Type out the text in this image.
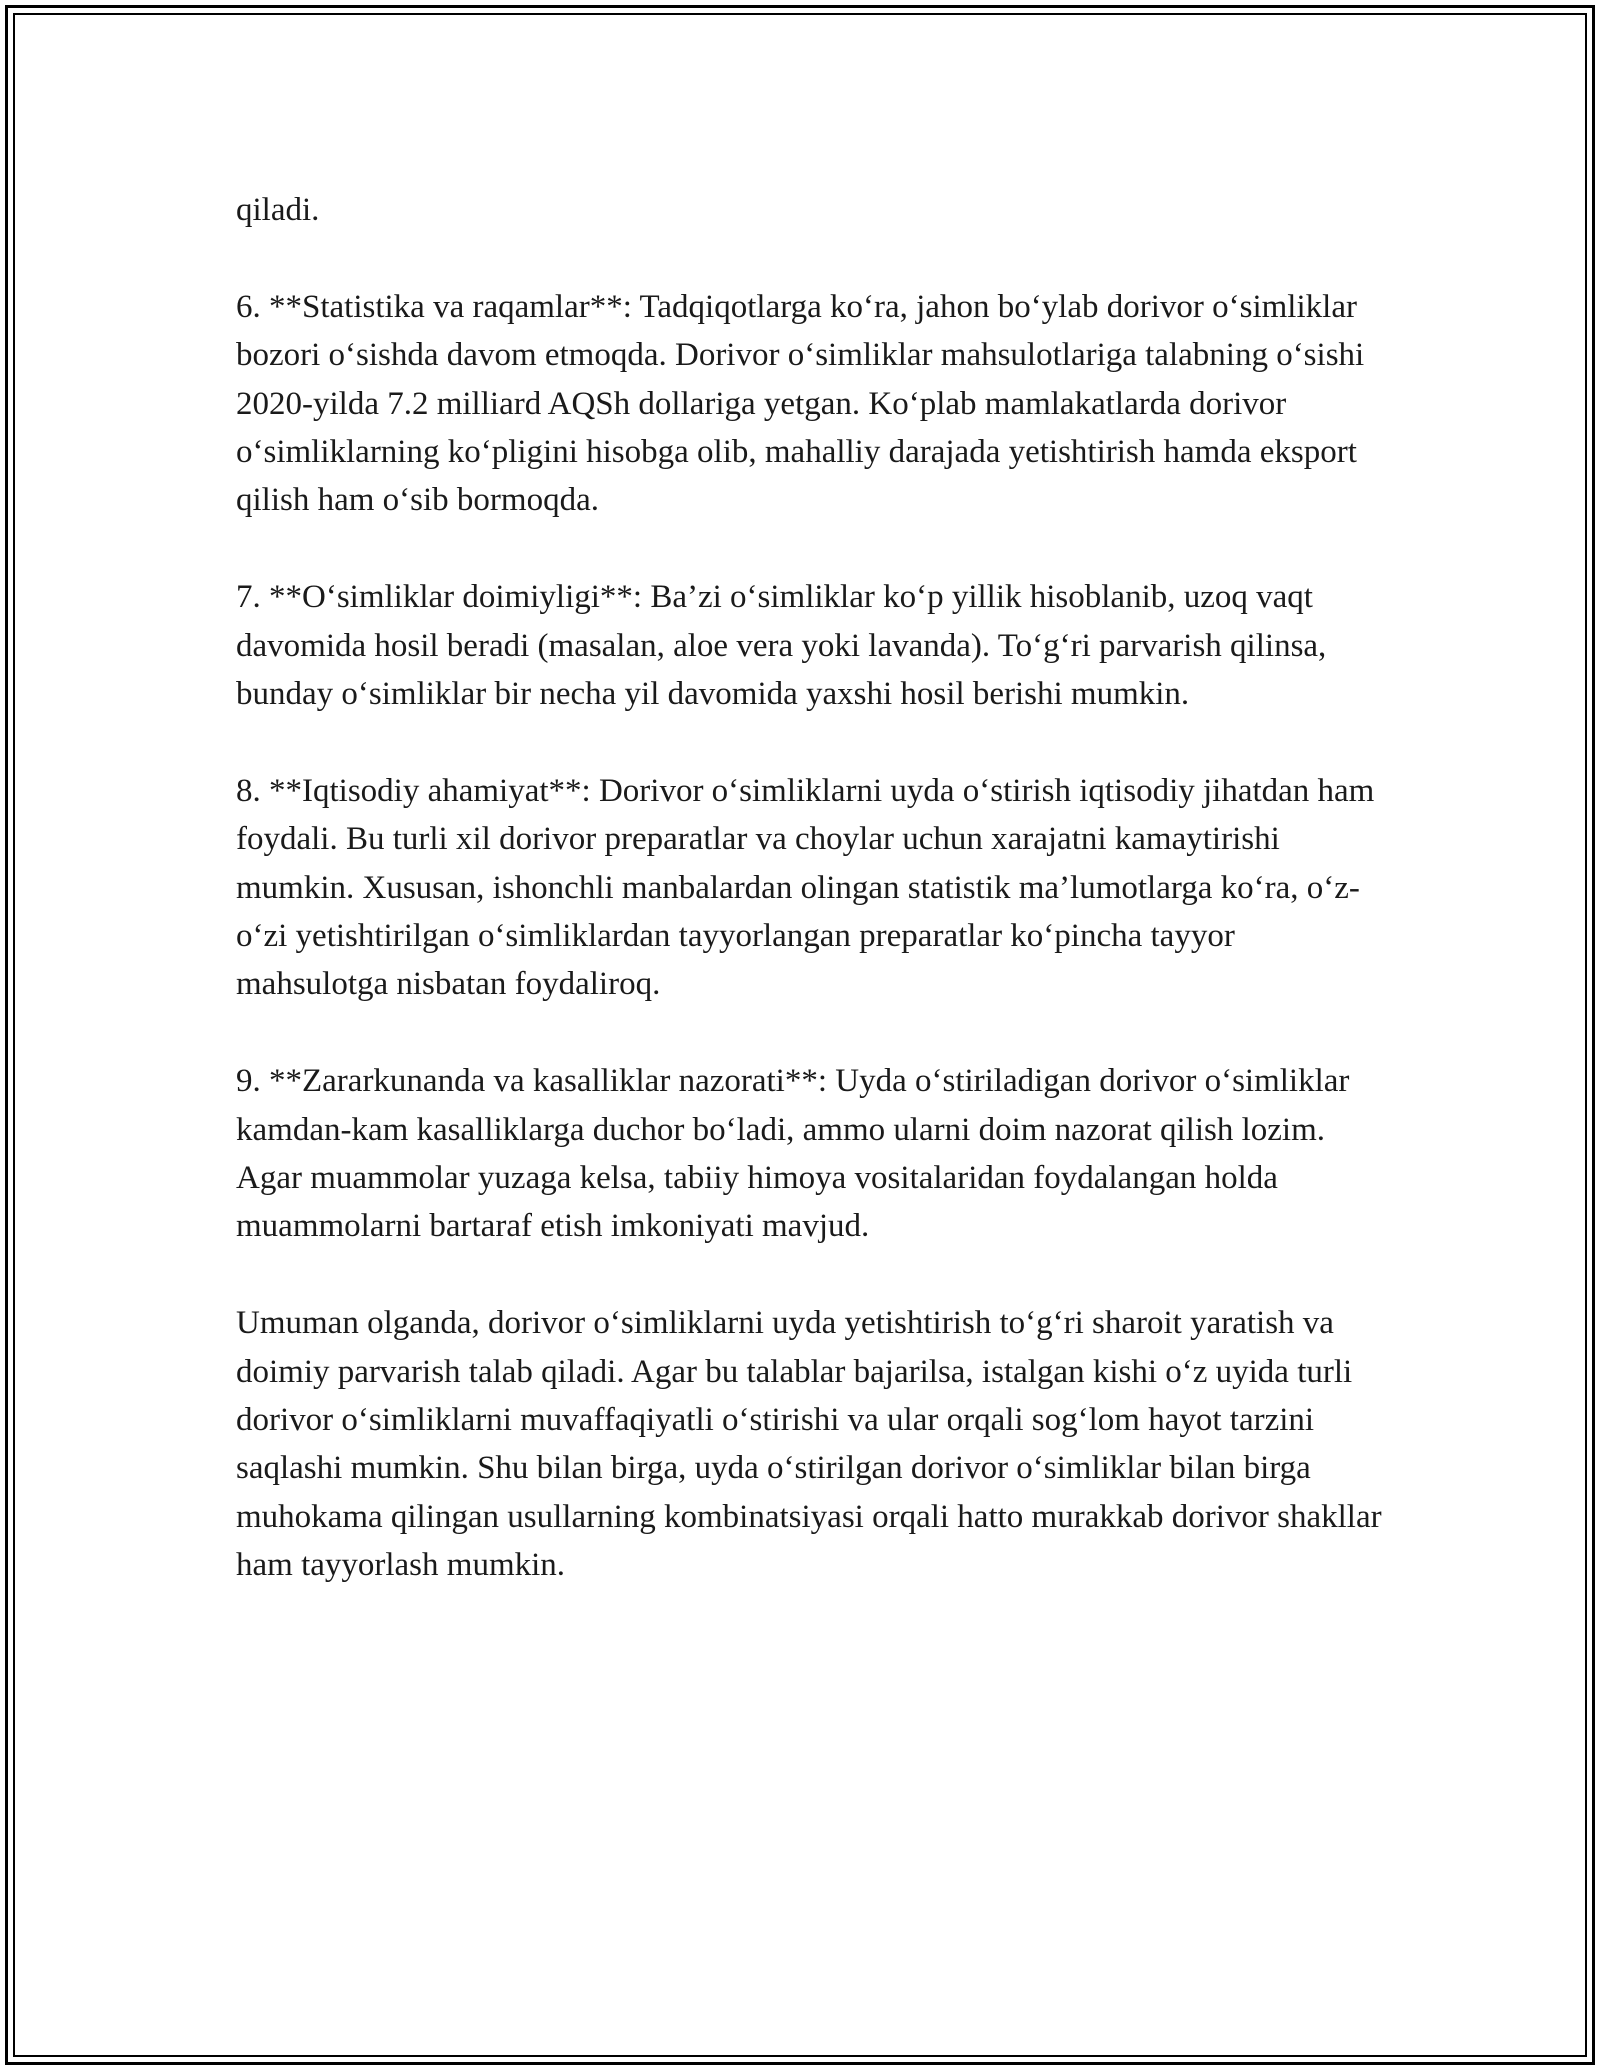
qiladi.

6. **Statistika va raqamlar**: Tadqiqotlarga ko‘ra, jahon bo‘ylab dorivor o‘simliklar bozori o‘sishda davom etmoqda. Dorivor o‘simliklar mahsulotlariga talabning o‘sishi 2020-yilda 7.2 milliard AQSh dollariga yetgan. Ko‘plab mamlakatlarda dorivor o‘simliklarning ko‘pligini hisobga olib, mahalliy darajada yetishtirish hamda eksport qilish ham o‘sib bormoqda.

7. **O‘simliklar doimiyligi**: Ba’zi o‘simliklar ko‘p yillik hisoblanib, uzoq vaqt davomida hosil beradi (masalan, aloe vera yoki lavanda). To‘g‘ri parvarish qilinsa, bunday o‘simliklar bir necha yil davomida yaxshi hosil berishi mumkin.

8. **Iqtisodiy ahamiyat**: Dorivor o‘simliklarni uyda o‘stirish iqtisodiy jihatdan ham foydali. Bu turli xil dorivor preparatlar va choylar uchun xarajatni kamaytirishi mumkin. Xususan, ishonchli manbalardan olingan statistik ma’lumotlarga ko‘ra, o‘z-o‘zi yetishtirilgan o‘simliklardan tayyorlangan preparatlar ko‘pincha tayyor mahsulotga nisbatan foydaliroq.

9. **Zararkunanda va kasalliklar nazorati**: Uyda o‘stiriladigan dorivor o‘simliklar kamdan-kam kasalliklarga duchor bo‘ladi, ammo ularni doim nazorat qilish lozim. Agar muammolar yuzaga kelsa, tabiiy himoya vositalaridan foydalangan holda muammolarni bartaraf etish imkoniyati mavjud.

Umuman olganda, dorivor o‘simliklarni uyda yetishtirish to‘g‘ri sharoit yaratish va doimiy parvarish talab qiladi. Agar bu talablar bajarilsa, istalgan kishi o‘z uyida turli dorivor o‘simliklarni muvaffaqiyatli o‘stirishi va ular orqali sog‘lom hayot tarzini saqlashi mumkin. Shu bilan birga, uyda o‘stirilgan dorivor o‘simliklar bilan birga muhokama qilingan usullarning kombinatsiyasi orqali hatto murakkab dorivor shakllar ham tayyorlash mumkin.
